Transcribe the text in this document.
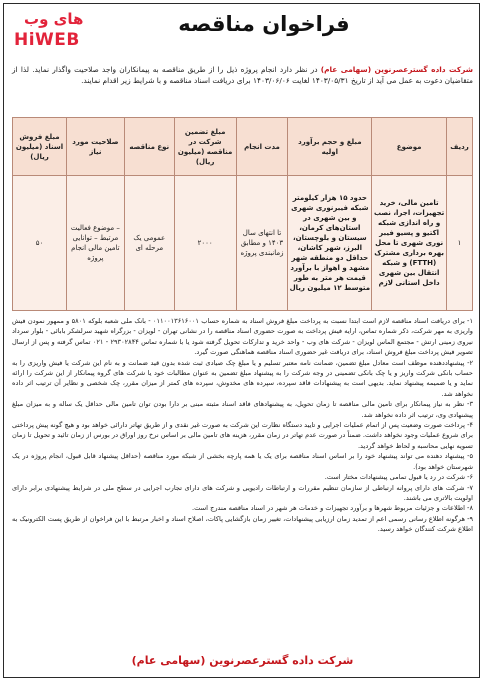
های وب
HiWEB
فراخوان مناقصه
شرکت داده گسترعصرنوین (سهامی عام) در نظر دارد انجام پروژه ذیل را از طریق مناقصه به پیمانکاران واجد صلاحیت واگذار نماید. لذا از متقاضیان دعوت به عمل می آید از تاریخ ۱۴۰۳/۰۵/۳۱ لغایت ۱۴۰۳/۰۶/۰۶ برای دریافت اسناد مناقصه و با شرایط زیر اقدام نمایند.
ردیف	موضوع	مبلغ و حجم برآورد اولیه	مدت انجام	مبلغ تضمین شرکت در مناقصه (میلیون ریال)	نوع مناقصه	صلاحیت مورد نیاز	مبلغ فروش اسناد (میلیون ریال)
۱	تامین مالی، خرید تجهیزات، اجرا، نصب و راه اندازی شبکه اکتیو و پسیو فیبر نوری شهری تا محل بهره برداری مشترک (FTTH) و شبکه انتقال بین شهری داخل استانی لازم	حدود ۱۵ هزار کیلومتر شبکه فیبرنوری شهری و بین شهری در استان‌های کرمان، سیستان و بلوچستان، البرز، شهر کاشان، حداقل دو منطقه شهر مشهد و اهواز با برآورد قیمت هر متر به طور متوسط ۱۲ میلیون ریال	تا انتهای سال ۱۴۰۳ و مطابق زمانبندی پروژه	۲۰۰۰	عمومی یک مرحله ای	– موضوع فعالیت مرتبط – توانایی تامین مالی انجام پروژه	۵۰

۱- برای دریافت اسناد مناقصه لازم است ابتدا نسبت به پرداخت مبلغ فروش اسناد به شماره حساب ۰۱۱۰۰۱۳۶۱۶۰۰۱ - بانک ملی شعبه بلوکه ۵۸۰۱ و ممهور نمودن فیش واریزی به مهر شرکت، ذکر شماره تماس، ارایه فیش پرداخت به صورت حضوری اسناد مناقصه را در نشانی تهران - لویزان - بزرگراه شهید سرلشکر بابائی - بلوار سرداد نیروی زمینی ارتش - مجتمع الماس لویزان - شرکت های وب - واحد خرید و تدارکات تحویل گرفته شود یا با شماره تماس ۲۹۳۰۲۸۴۴ - ۰۲۱ تماس گرفته و پس از ارسال تصویر فیش پرداخت مبلغ فروش اسناد، برای دریافت غیر حضوری اسناد مناقصه هماهنگی صورت گیرد.

۲- پیشنهاددهنده موظف است معادل مبلغ تضمین، ضمانت نامه معتبر تسلیم و یا مبلغ چک صیادی ثبت شده بدون قید ضمانت و به نام این شرکت یا فیش واریزی را به حساب بانکی شرکت واریز و یا چک بانکی تضمینی در وجه شرکت را به پیشنهاد مبلغ تضمین به عنوان مطالبات خود یا شرکت های گروه پیمانکار از این شرکت را ارائه نماید و یا ضمیمه پیشنهاد نماید. بدیهی است به پیشنهادات فاقد سپرده، سپرده های مخدوش، سپرده های کمتر از میزان مقرر، چک شخصی و نظایر آن ترتیب اثر داده نخواهد شد.

۳- نظر به نیاز پیمانکار برای تامین مالی مناقصه تا زمان تحویل، به پیشنهادهای فاقد اسناد مثبته مبنی بر دارا بودن توان تامین مالی حداقل یک ساله و به میزان مبلغ پیشنهادی وی، ترتیب اثر داده نخواهد شد.

۴- پرداخت صورت وضعیت پس از اتمام عملیات اجرایی و تایید دستگاه نظارت این شرکت به صورت غیر نقدی و از طریق تهاتر دارائی خواهد بود و هیچ گونه پیش پرداختی برای شروع عملیات وجود نخواهد داشت. ضمناً در صورت عدم تهاتر در زمان مقرر، هزینه های تامین مالی بر اساس نرخ روز اوراق در بورس از زمان تائید و تحویل تا زمان تسویه نهایی محاسبه و لحاظ خواهد گردید.

۵- پیشنهاد دهنده می تواند پیشنهاد خود را بر اساس اسناد مناقصه برای یک یا همه پارچه بخشی از شبکه مورد مناقصه (حداقل پیشنهاد قابل قبول، انجام پروژه در یک شهرستان خواهد بود).

۶- شرکت در رد یا قبول تمامی پیشنهادات مختار است.

۷- شرکت های دارای پروانه ارتباطی از سازمان تنظیم مقررات و ارتباطات رادیویی و شرکت های دارای تجارب اجرایی در سطح ملی در شرایط پیشنهادی برابر دارای اولویت بالاتری می باشند.

۸- اطلاعات و جزئیات مربوط شهرها و برآورد تجهیزات و خدمات هر شهر در اسناد مناقصه مندرج است.

۹- هرگونه اطلاع رسانی رسمی اعم از تمدید زمان ارزیابی پیشنهادات، تغییر زمان بازگشایی پاکات، اصلاح اسناد و اخبار مرتبط با این فراخوان از طریق پست الکترونیک به اطلاع شرکت کنندگان خواهد رسید.

شرکت داده گسترعصرنوین (سهامی عام)
